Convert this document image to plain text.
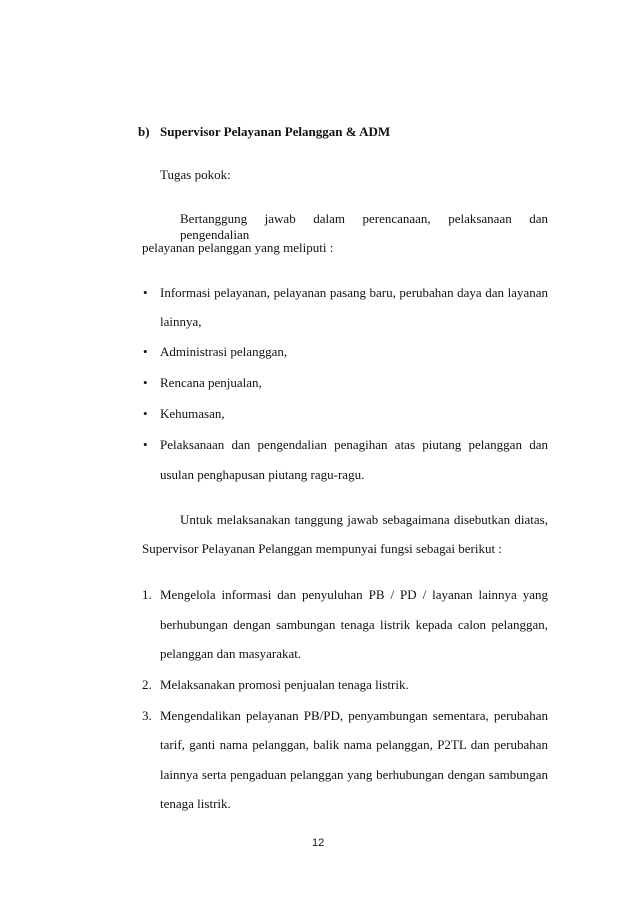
b) Supervisor Pelayanan Pelanggan & ADM
Tugas pokok:
Bertanggung jawab dalam perencanaan, pelaksanaan dan pengendalian
pelayanan pelanggan yang meliputi :
• Informasi pelayanan, pelayanan pasang baru, perubahan daya dan layanan
lainnya,
• Administrasi pelanggan,
• Rencana penjualan,
• Kehumasan,
• Pelaksanaan dan pengendalian penagihan atas piutang pelanggan dan
usulan penghapusan piutang ragu-ragu.
Untuk melaksanakan tanggung jawab sebagaimana disebutkan diatas,
Supervisor Pelayanan Pelanggan mempunyai fungsi sebagai berikut :
1. Mengelola informasi dan penyuluhan PB / PD / layanan lainnya yang
berhubungan dengan sambungan tenaga listrik kepada calon pelanggan,
pelanggan dan masyarakat.
2. Melaksanakan promosi penjualan tenaga listrik.
3. Mengendalikan pelayanan PB/PD, penyambungan sementara, perubahan
tarif, ganti nama pelanggan, balik nama pelanggan, P2TL dan perubahan
lainnya serta pengaduan pelanggan yang berhubungan dengan sambungan
tenaga listrik.
12
